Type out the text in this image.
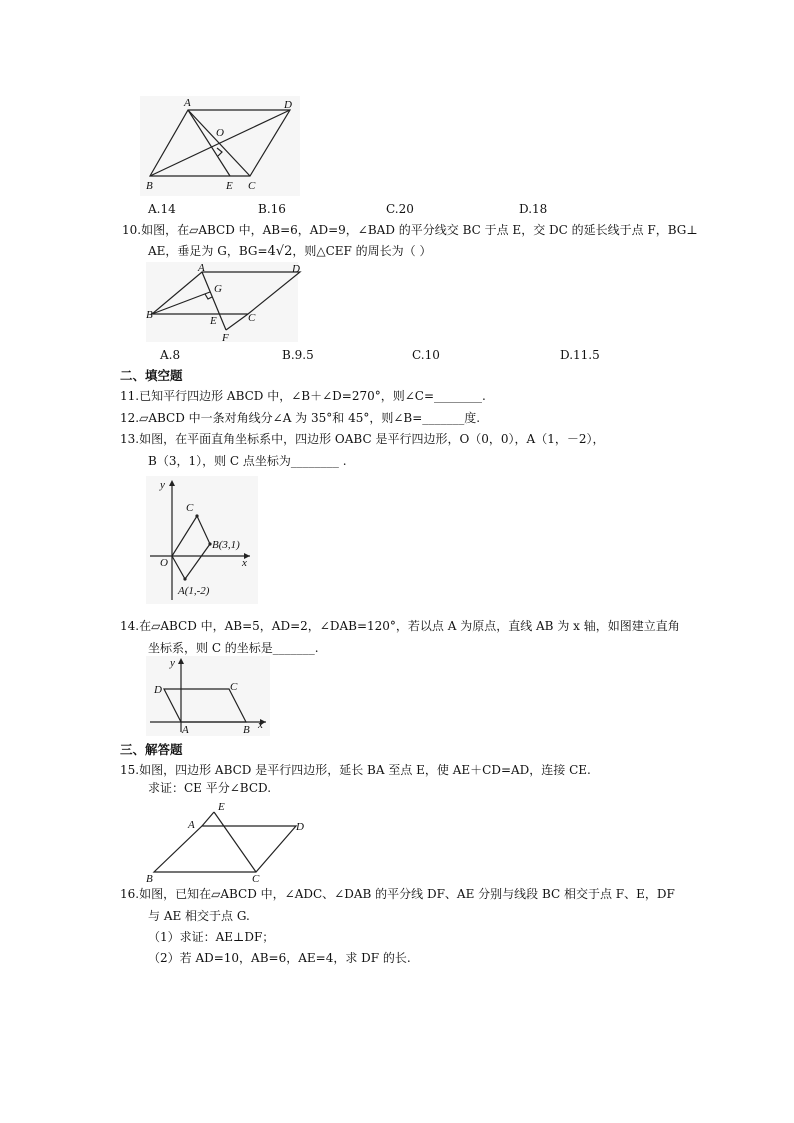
A	D
O
B	E C
A.14	B.16	C.20	D.18
10.如图，在▱ABCD 中，AB=6，AD=9，∠BAD 的平分线交 BC 于点 E，交 DC 的延长线于点 F，BG⊥
AE，垂足为 G，BG=4√2，则△CEF 的周长为（ ）
A	D
G
B	E	C
F
A.8	B.9.5	C.10	D.11.5
二、填空题
11.已知平行四边形 ABCD 中，∠B＋∠D=270°，则∠C=________.
12.▱ABCD 中一条对角线分∠A 为 35°和 45°，则∠B=_______度.
13.如图，在平面直角坐标系中，四边形 OABC 是平行四边形，O（0，0），A（1，－2），
B（3，1），则 C 点坐标为________ .
y
C
B(3,1)
O	x
A(1,-2)
14.在▱ABCD 中，AB=5，AD=2，∠DAB=120°，若以点 A 为原点，直线 AB 为 x 轴，如图建立直角
坐标系，则 C 的坐标是_______.
y
D	C
A	B x
三、解答题
15.如图，四边形 ABCD 是平行四边形，延长 BA 至点 E，使 AE＋CD=AD，连接 CE.
求证：CE 平分∠BCD.
E
A	D
B	C
16.如图，已知在▱ABCD 中，∠ADC、∠DAB 的平分线 DF、AE 分别与线段 BC 相交于点 F、E，DF
与 AE 相交于点 G.
（1）求证：AE⊥DF；
（2）若 AD=10，AB=6，AE=4，求 DF 的长.
